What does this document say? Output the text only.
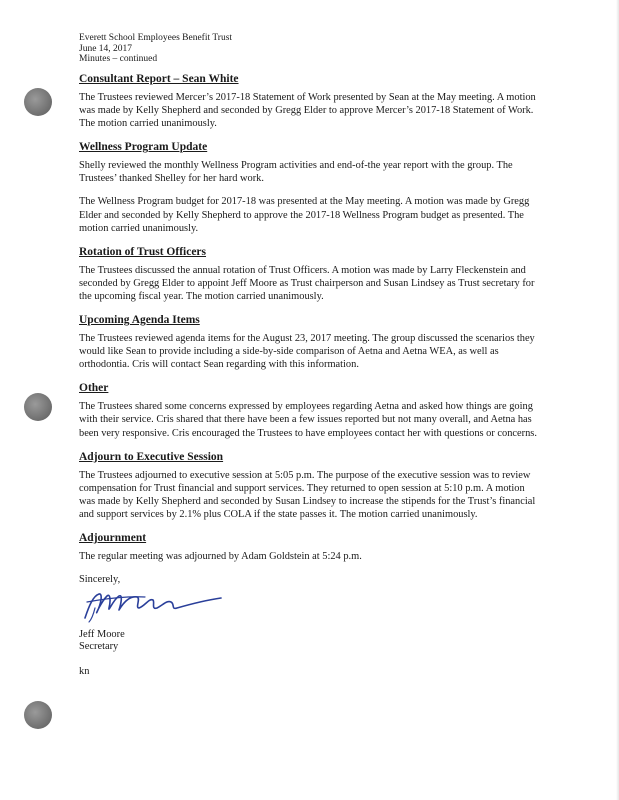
Everett School Employees Benefit Trust
June 14, 2017
Minutes – continued
Consultant Report – Sean White

The Trustees reviewed Mercer’s 2017-18 Statement of Work presented by Sean at the May meeting. A motion was made by Kelly Shepherd and seconded by Gregg Elder to approve Mercer’s 2017-18 Statement of Work. The motion carried unanimously.

Wellness Program Update

Shelly reviewed the monthly Wellness Program activities and end-of-the year report with the group. The Trustees’ thanked Shelley for her hard work.

The Wellness Program budget for 2017-18 was presented at the May meeting. A motion was made by Gregg Elder and seconded by Kelly Shepherd to approve the 2017-18 Wellness Program budget as presented. The motion carried unanimously.

Rotation of Trust Officers

The Trustees discussed the annual rotation of Trust Officers. A motion was made by Larry Fleckenstein and seconded by Gregg Elder to appoint Jeff Moore as Trust chairperson and Susan Lindsey as Trust secretary for the upcoming fiscal year. The motion carried unanimously.

Upcoming Agenda Items

The Trustees reviewed agenda items for the August 23, 2017 meeting. The group discussed the scenarios they would like Sean to provide including a side-by-side comparison of Aetna and Aetna WEA, as well as orthodontia. Cris will contact Sean regarding with this information.

Other

The Trustees shared some concerns expressed by employees regarding Aetna and asked how things are going with their service. Cris shared that there have been a few issues reported but not many overall, and Aetna has been very responsive. Cris encouraged the Trustees to have employees contact her with questions or concerns.

Adjourn to Executive Session

The Trustees adjourned to executive session at 5:05 p.m. The purpose of the executive session was to review compensation for Trust financial and support services. They returned to open session at 5:10 p.m. A motion was made by Kelly Shepherd and seconded by Susan Lindsey to increase the stipends for the Trust’s financial and support services by 2.1% plus COLA if the state passes it. The motion carried unanimously.

Adjournment

The regular meeting was adjourned by Adam Goldstein at 5:24 p.m.

Sincerely,
Jeff Moore
Secretary
kn
